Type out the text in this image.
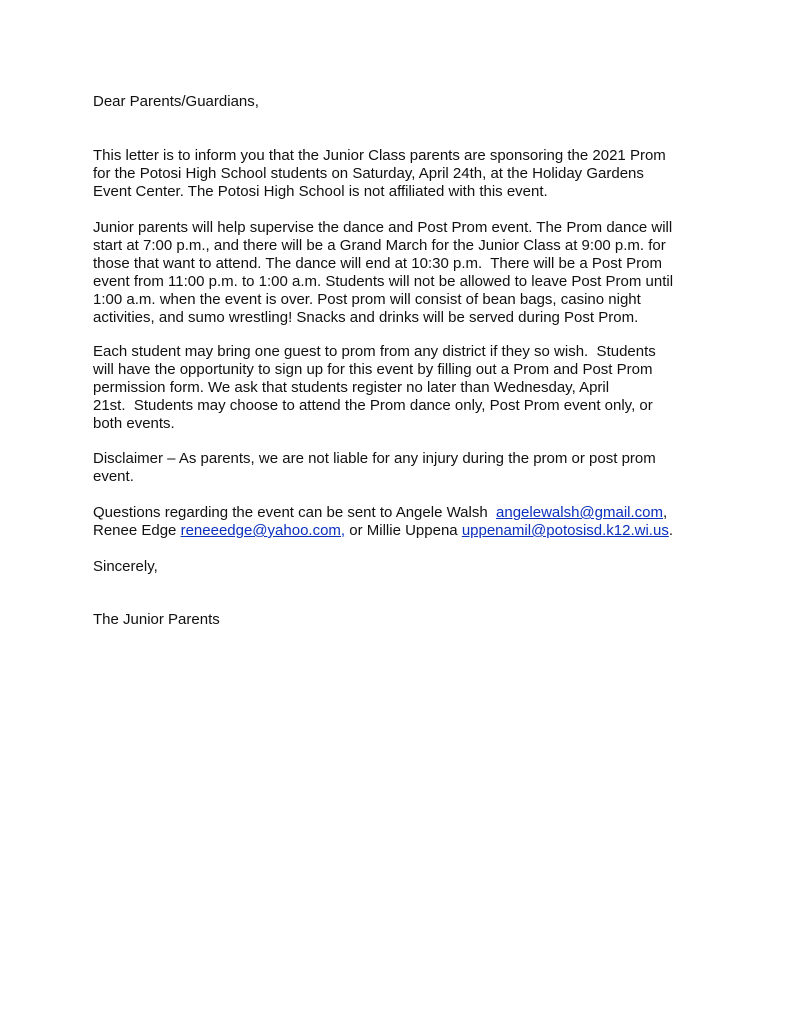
Dear Parents/Guardians,
This letter is to inform you that the Junior Class parents are sponsoring the 2021 Prom
for the Potosi High School students on Saturday, April 24th, at the Holiday Gardens
Event Center. The Potosi High School is not affiliated with this event.
Junior parents will help supervise the dance and Post Prom event. The Prom dance will
start at 7:00 p.m., and there will be a Grand March for the Junior Class at 9:00 p.m. for
those that want to attend. The dance will end at 10:30 p.m.  There will be a Post Prom
event from 11:00 p.m. to 1:00 a.m. Students will not be allowed to leave Post Prom until
1:00 a.m. when the event is over. Post prom will consist of bean bags, casino night
activities, and sumo wrestling! Snacks and drinks will be served during Post Prom.
Each student may bring one guest to prom from any district if they so wish.  Students
will have the opportunity to sign up for this event by filling out a Prom and Post Prom
permission form. We ask that students register no later than Wednesday, April
21st.  Students may choose to attend the Prom dance only, Post Prom event only, or
both events.
Disclaimer – As parents, we are not liable for any injury during the prom or post prom
event.
Questions regarding the event can be sent to Angele Walsh  angelewalsh@gmail.com,
Renee Edge reneeedge@yahoo.com, or Millie Uppena uppenamil@potosisd.k12.wi.us.
Sincerely,
The Junior Parents
